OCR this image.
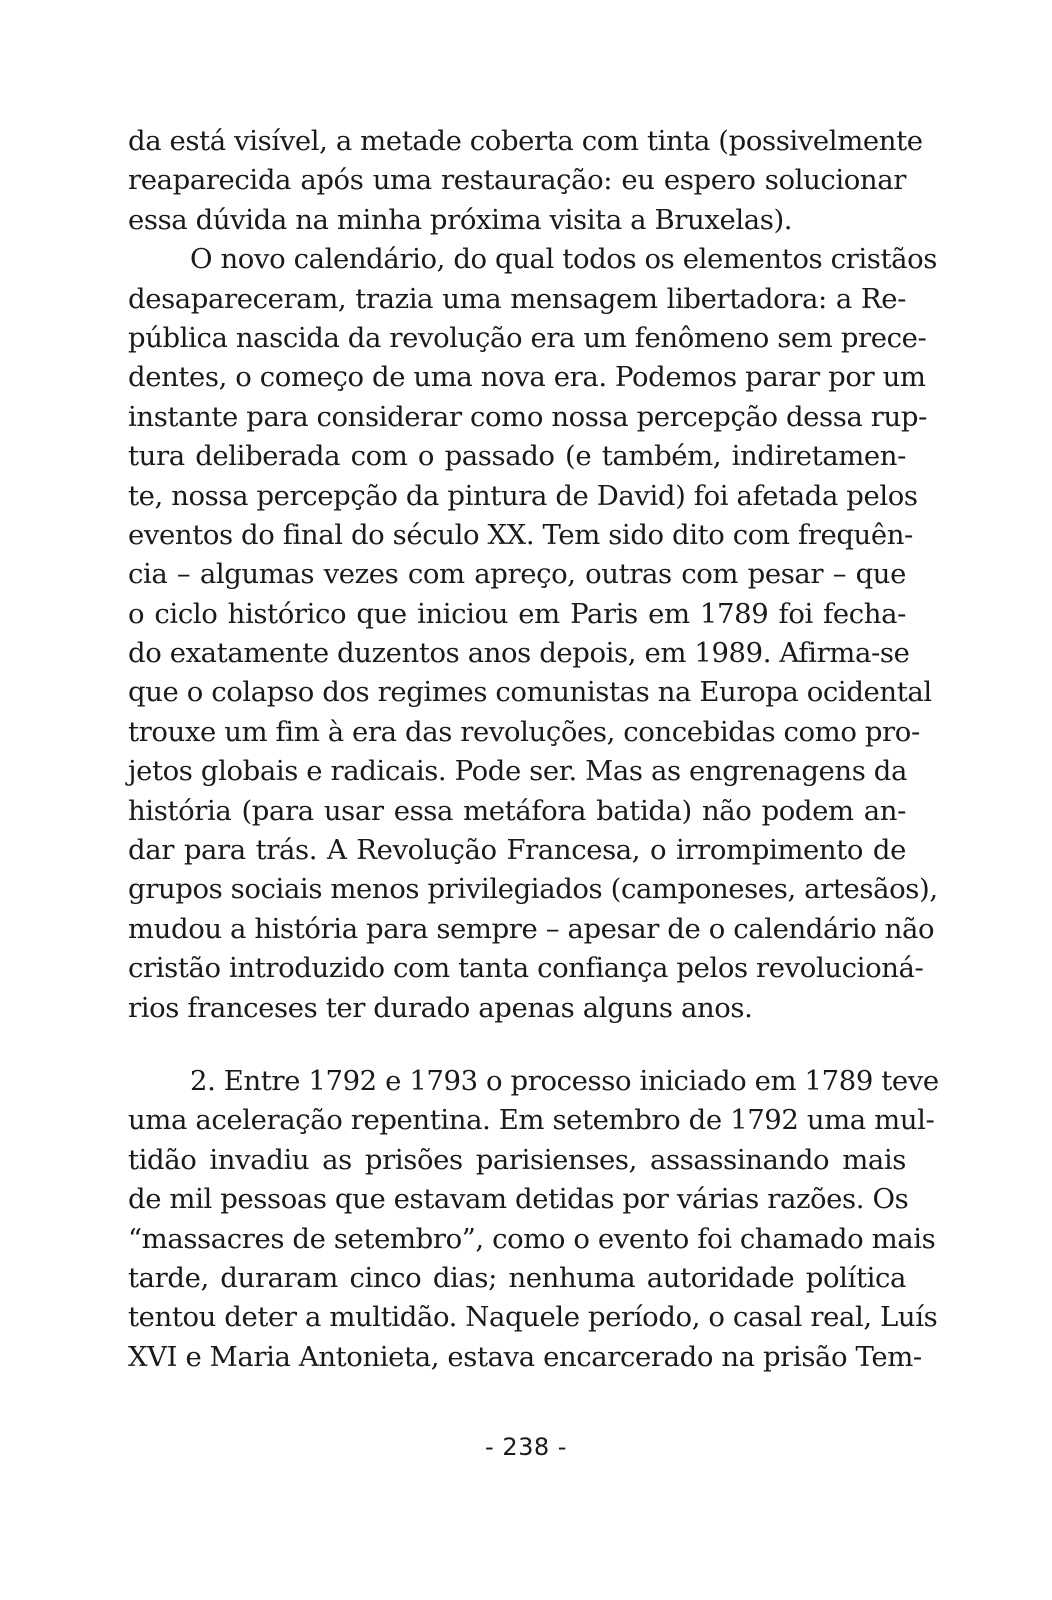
da está visível, a metade coberta com tinta (possivelmente
reaparecida após uma restauração: eu espero solucionar
essa dúvida na minha próxima visita a Bruxelas).
O novo calendário, do qual todos os elementos cristãos
desapareceram, trazia uma mensagem libertadora: a Re-
pública nascida da revolução era um fenômeno sem prece-
dentes, o começo de uma nova era. Podemos parar por um
instante para considerar como nossa percepção dessa rup-
tura deliberada com o passado (e também, indiretamen-
te, nossa percepção da pintura de David) foi afetada pelos
eventos do final do século XX. Tem sido dito com frequên-
cia – algumas vezes com apreço, outras com pesar – que
o ciclo histórico que iniciou em Paris em 1789 foi fecha-
do exatamente duzentos anos depois, em 1989. Afirma-se
que o colapso dos regimes comunistas na Europa ocidental
trouxe um fim à era das revoluções, concebidas como pro-
jetos globais e radicais. Pode ser. Mas as engrenagens da
história (para usar essa metáfora batida) não podem an-
dar para trás. A Revolução Francesa, o irrompimento de
grupos sociais menos privilegiados (camponeses, artesãos),
mudou a história para sempre – apesar de o calendário não
cristão introduzido com tanta confiança pelos revolucioná-
rios franceses ter durado apenas alguns anos.
2. Entre 1792 e 1793 o processo iniciado em 1789 teve
uma aceleração repentina. Em setembro de 1792 uma mul-
tidão invadiu as prisões parisienses, assassinando mais
de mil pessoas que estavam detidas por várias razões. Os
“massacres de setembro”, como o evento foi chamado mais
tarde, duraram cinco dias; nenhuma autoridade política
tentou deter a multidão. Naquele período, o casal real, Luís
XVI e Maria Antonieta, estava encarcerado na prisão Tem-
- 238 -
